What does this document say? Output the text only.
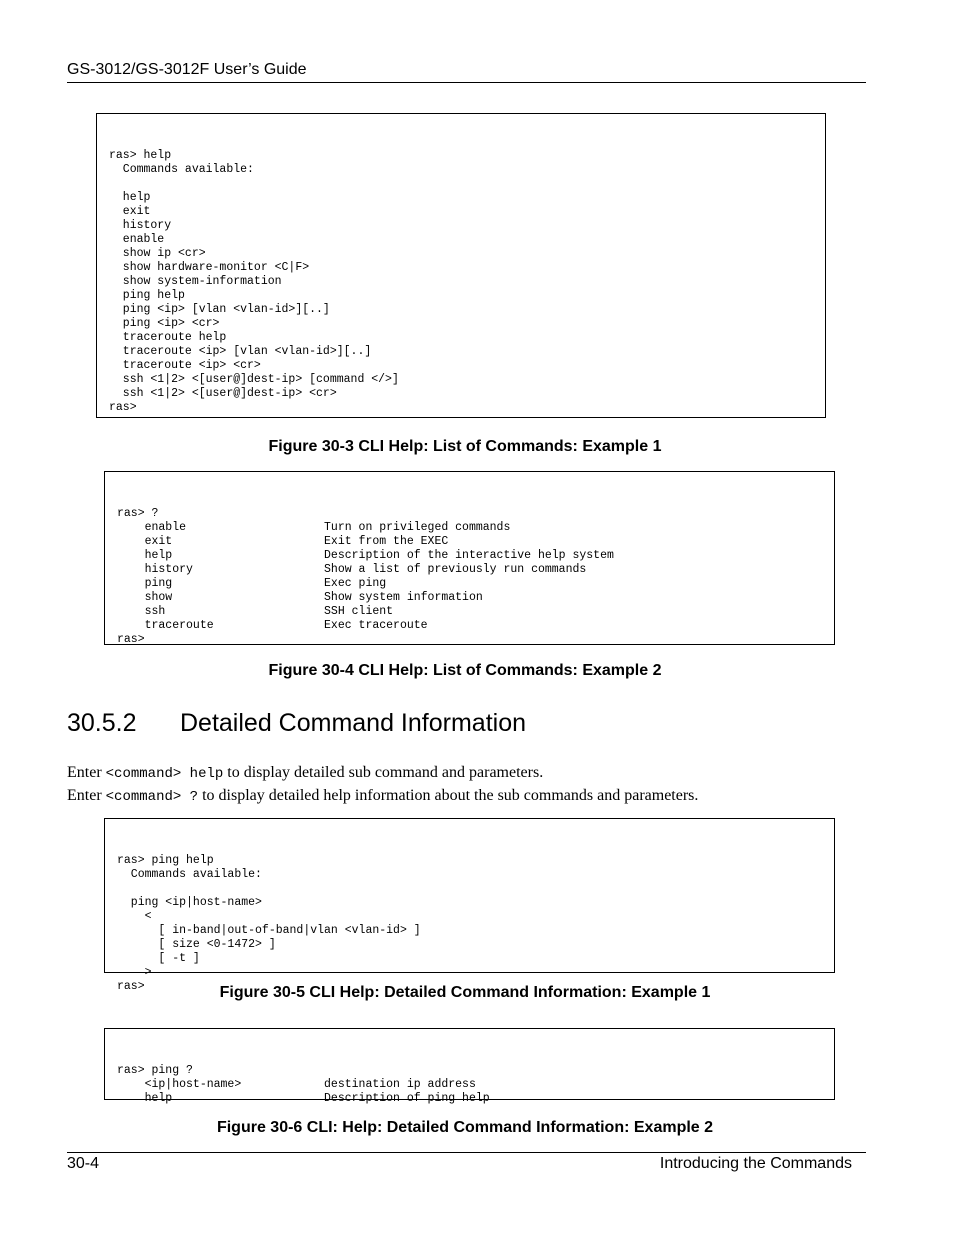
GS-3012/GS-3012F User’s Guide

ras> help
Commands available:

help
exit
history
enable
show ip <cr>
show hardware-monitor <C|F>
show system-information
ping help
ping <ip> [vlan <vlan-id>][..]
ping <ip> <cr>
traceroute help
traceroute <ip> [vlan <vlan-id>][..]
traceroute <ip> <cr>
ssh <1|2> <[user@]dest-ip> [command </>]
ssh <1|2> <[user@]dest-ip> <cr>
ras>

Figure 30-3 CLI Help: List of Commands: Example 1

ras> ?
enable                    Turn on privileged commands
exit                      Exit from the EXEC
help                      Description of the interactive help system
history                   Show a list of previously run commands
ping                      Exec ping
show                      Show system information
ssh                       SSH client
traceroute                Exec traceroute
ras>

Figure 30-4 CLI Help: List of Commands: Example 2
30.5.2 Detailed Command Information
Enter <command> help to display detailed sub command and parameters.
Enter <command> ? to display detailed help information about the sub commands and parameters.

ras> ping help
Commands available:

ping <ip|host-name>
<
[ in-band|out-of-band|vlan <vlan-id> ]
[ size <0-1472> ]
[ -t ]
>
ras>	Figure 30-5 CLI Help: Detailed Command Information: Example 1

ras> ping ?
<ip|host-name>            destination ip address
help                      Description of ping help

Figure 30-6 CLI: Help: Detailed Command Information: Example 2
30-4	Introducing the Commands
